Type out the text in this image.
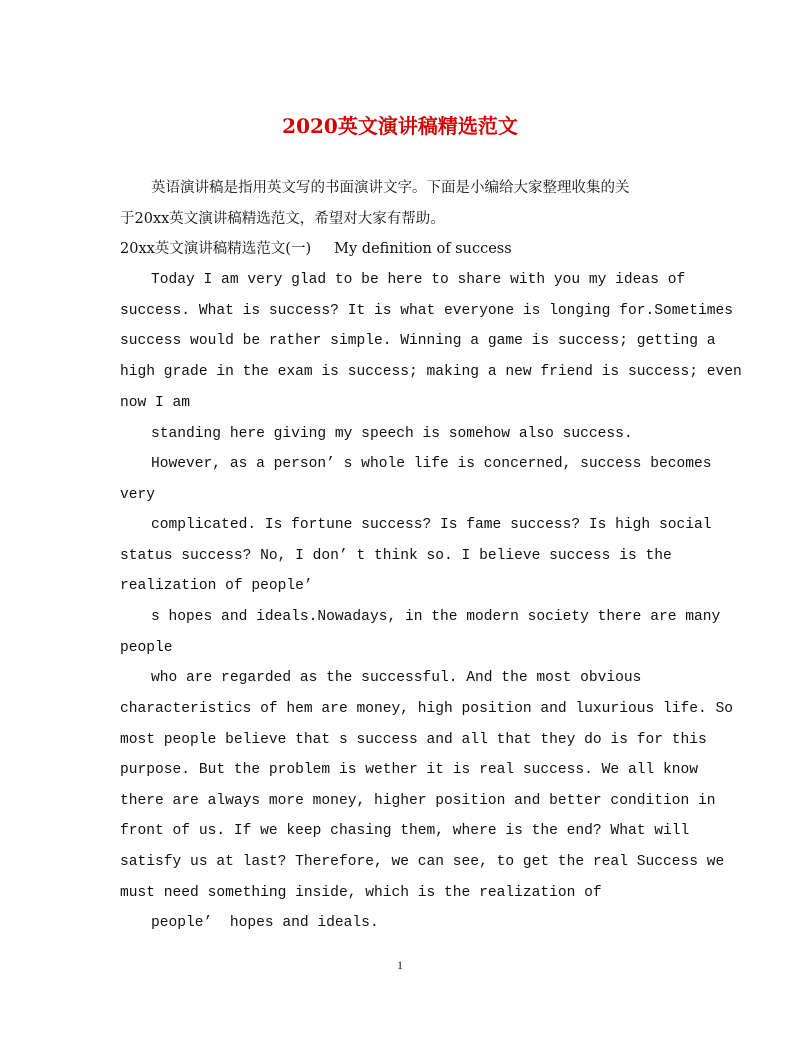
2020英文演讲稿精选范文
英语演讲稿是指用英文写的书面演讲文字。下面是小编给大家整理收集的关
于20xx英文演讲稿精选范文，希望对大家有帮助。
20xx英文演讲稿精选范文(一)     My definition of success
Today I am very glad to be here to share with you my ideas of
success. What is success? It is what everyone is longing for.Sometimes
success would be rather simple. Winning a game is success; getting a
high grade in the exam is success; making a new friend is success; even
now I am
standing here giving my speech is somehow also success.
However, as a person’ s whole life is concerned, success becomes
very
complicated. Is fortune success? Is fame success? Is high social
status success? No, I don’ t think so. I believe success is the
realization of people’
s hopes and ideals.Nowadays, in the modern society there are many
people
who are regarded as the successful. And the most obvious
characteristics of hem are money, high position and luxurious life. So
most people believe that s success and all that they do is for this
purpose. But the problem is wether it is real success. We all know
there are always more money, higher position and better condition in
front of us. If we keep chasing them, where is the end? What will
satisfy us at last? Therefore, we can see, to get the real Success we
must need something inside, which is the realization of
people’  hopes and ideals.
1
